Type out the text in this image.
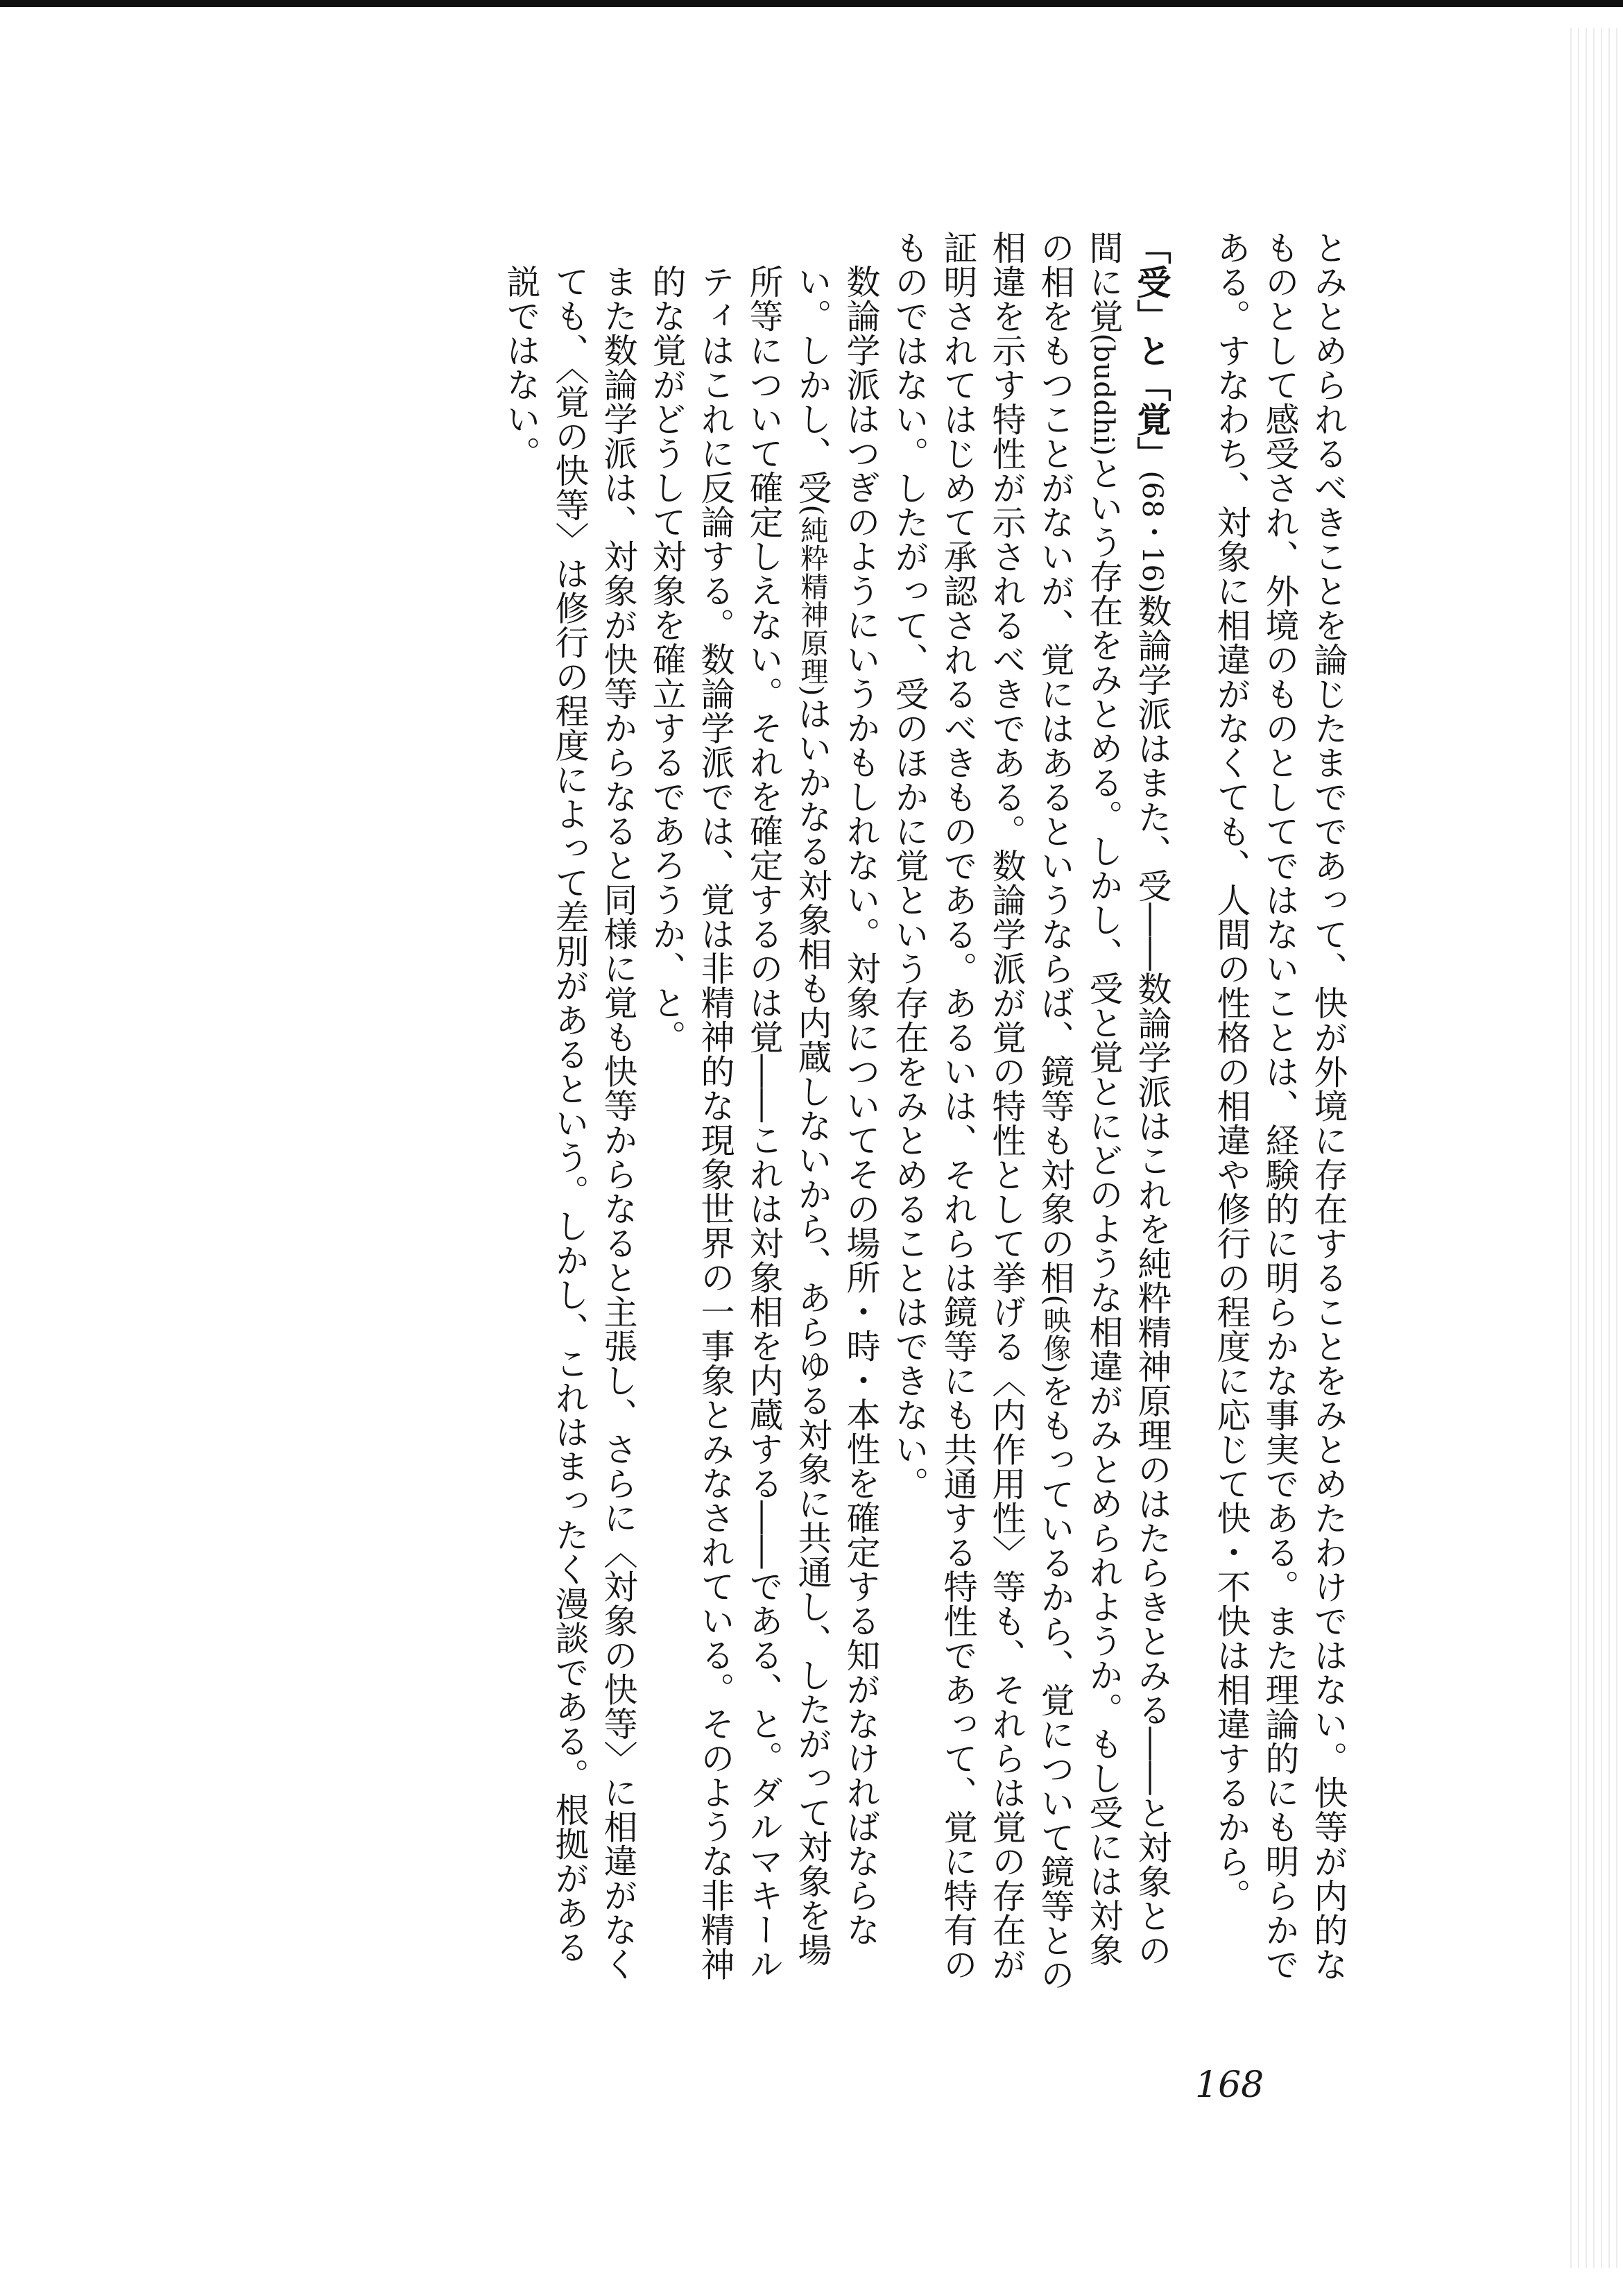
とみとめられるべきことを論じたまでであって、快が外境に存在することをみとめたわけではない。快等が内的なものとして感受され、外境のものとしてではないことは、経験的に明らかな事実である。また理論的にも明らかである。すなわち、対象に相違がなくても、人間の性格の相違や修行の程度に応じて快・不快は相違するから。

「受」と「覚」(68・16)数論学派はまた、受――数論学派はこれを純粋精神原理のはたらきとみる――と対象との間に覚(buddhi)という存在をみとめる。しかし、受と覚とにどのような相違がみとめられようか。もし受には対象の相をもつことがないが、覚にはあるというならば、鏡等も対象の相(映像)をもっているから、覚について鏡等との相違を示す特性が示されるべきである。数論学派が覚の特性として挙げる〈内作用性〉等も、それらは覚の存在が証明されてはじめて承認されるべきものである。あるいは、それらは鏡等にも共通する特性であって、覚に特有のものではない。したがって、受のほかに覚という存在をみとめることはできない。

数論学派はつぎのようにいうかもしれない。対象についてその場所・時・本性を確定する知がなければならない。しかし、受(純粋精神原理)はいかなる対象相も内蔵しないから、あらゆる対象に共通し、したがって対象を場所等について確定しえない。それを確定するのは覚――これは対象相を内蔵する――である、と。ダルマキールティはこれに反論する。数論学派では、覚は非精神的な現象世界の一事象とみなされている。そのような非精神的な覚がどうして対象を確立するであろうか、と。

また数論学派は、対象が快等からなると同様に覚も快等からなると主張し、さらに〈対象の快等〉に相違がなくても、〈覚の快等〉は修行の程度によって差別があるという。しかし、これはまったく漫談である。根拠がある説ではない。

168
